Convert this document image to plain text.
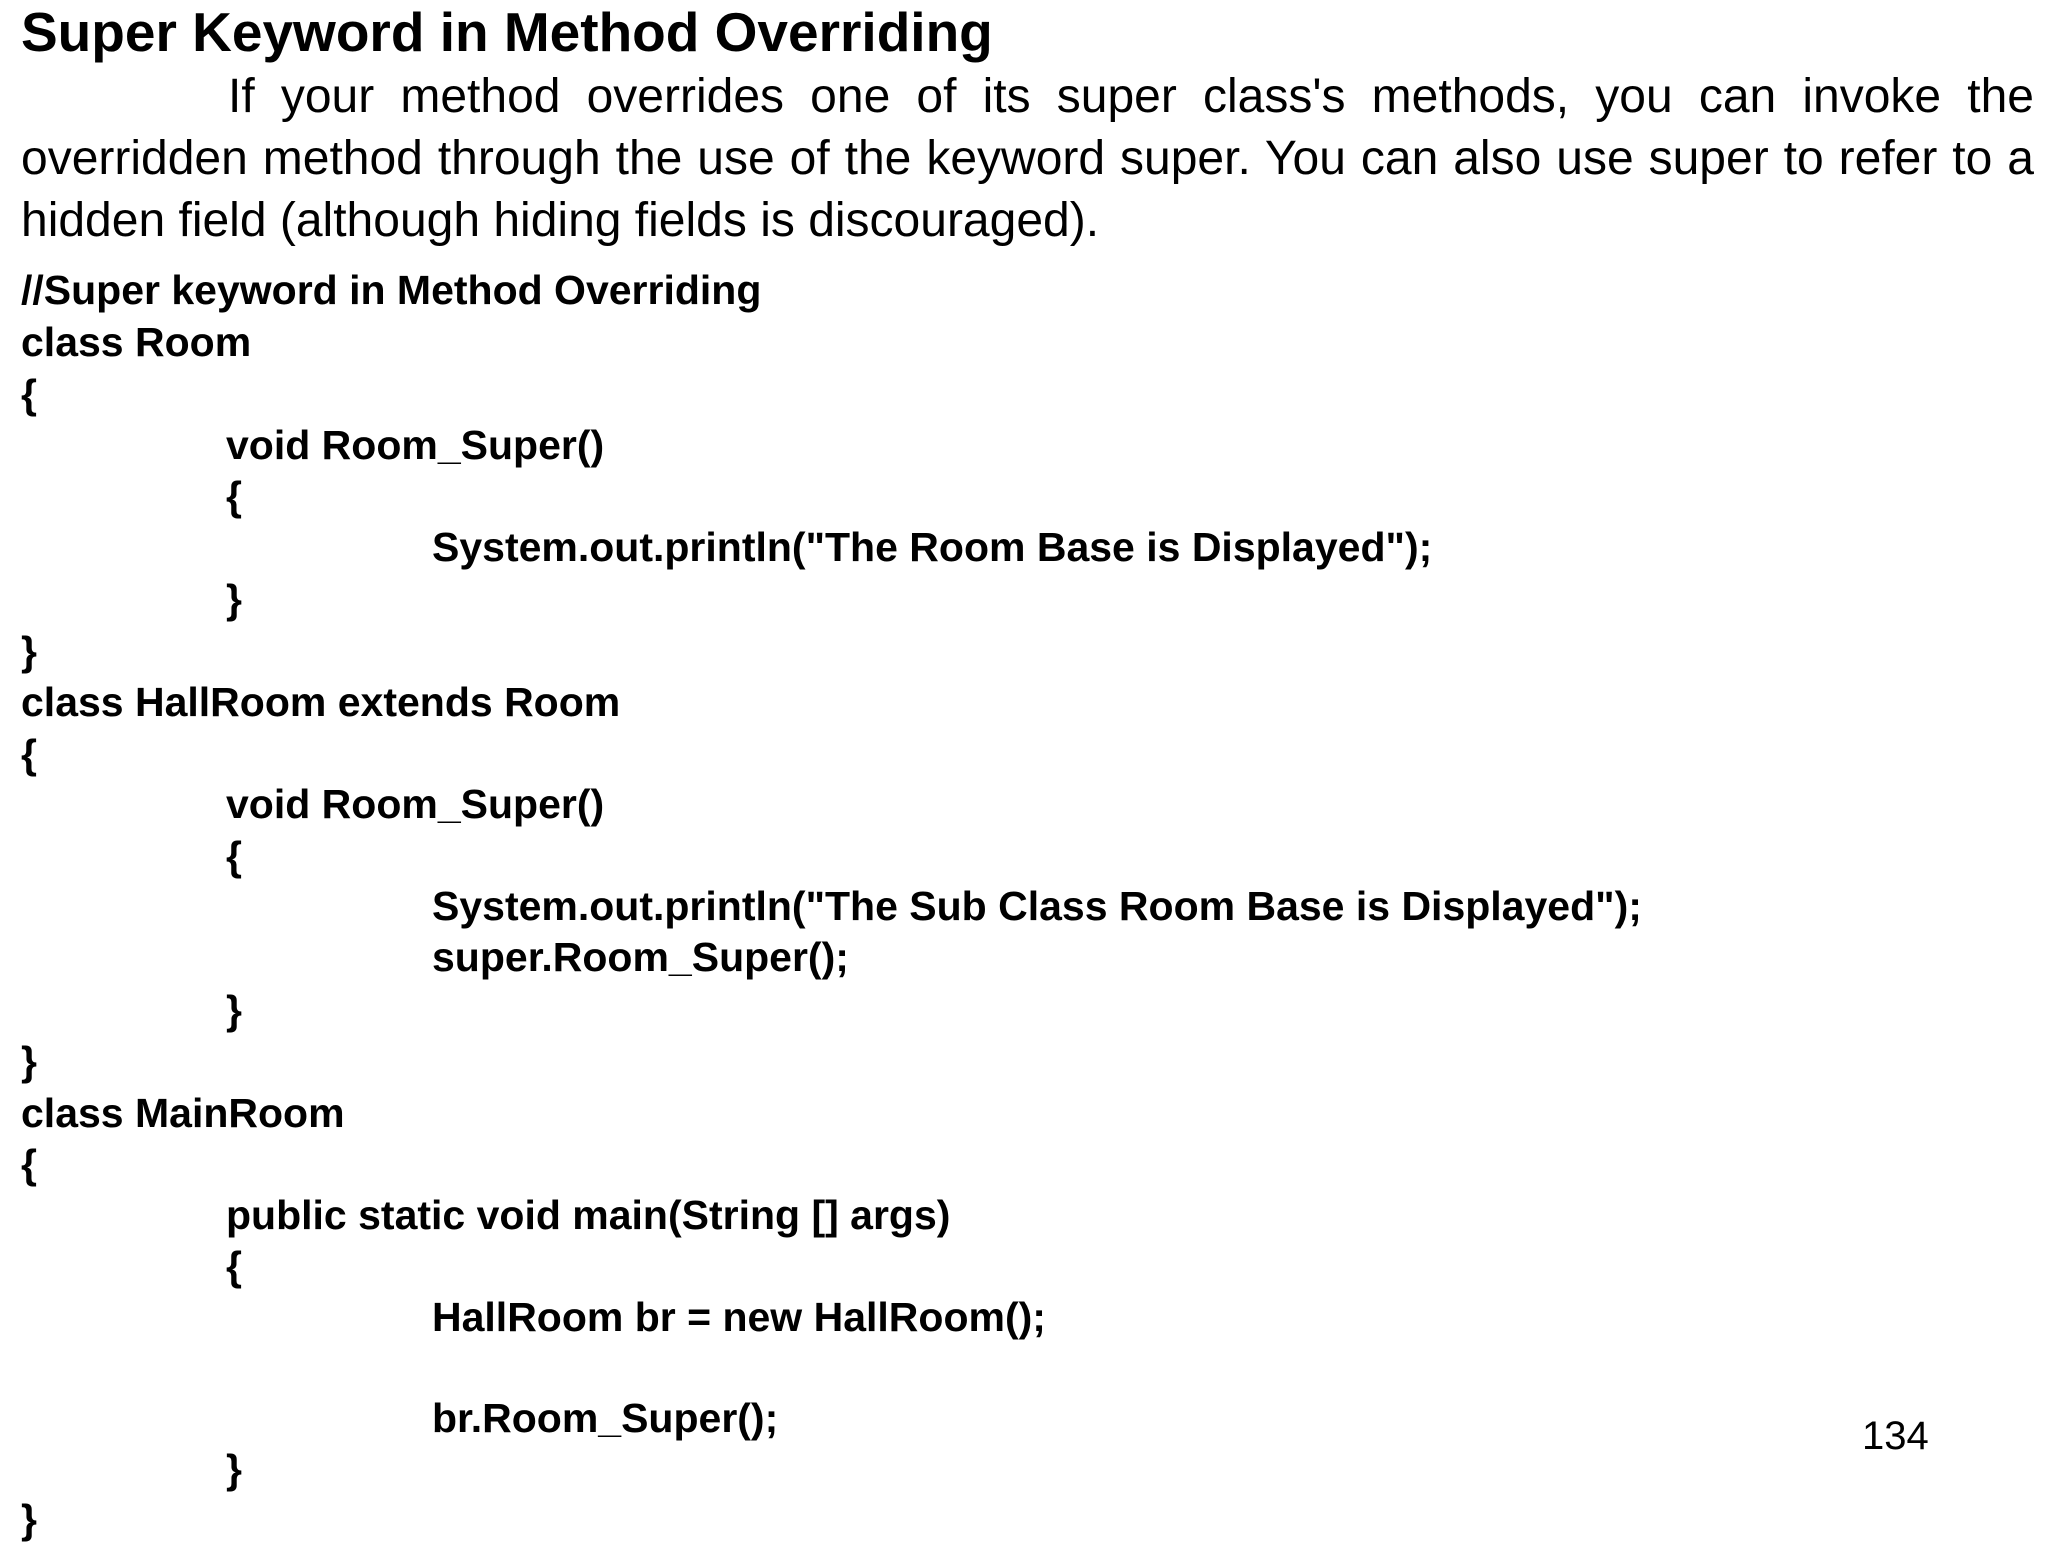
Super Keyword in Method Overriding
If your method overrides one of its super class's methods, you can invoke the overridden method through the use of the keyword super. You can also use super to refer to a hidden field (although hiding fields is discouraged).
//Super keyword in Method Overriding
class Room
{
void Room_Super()
{
System.out.println("The Room Base is Displayed");
}
}
class HallRoom extends Room
{
void Room_Super()
{
System.out.println("The Sub Class Room Base is Displayed");
super.Room_Super();
}
}
class MainRoom
{
public static void main(String [] args)
{
HallRoom br = new HallRoom();
br.Room_Super();
}
}
134
